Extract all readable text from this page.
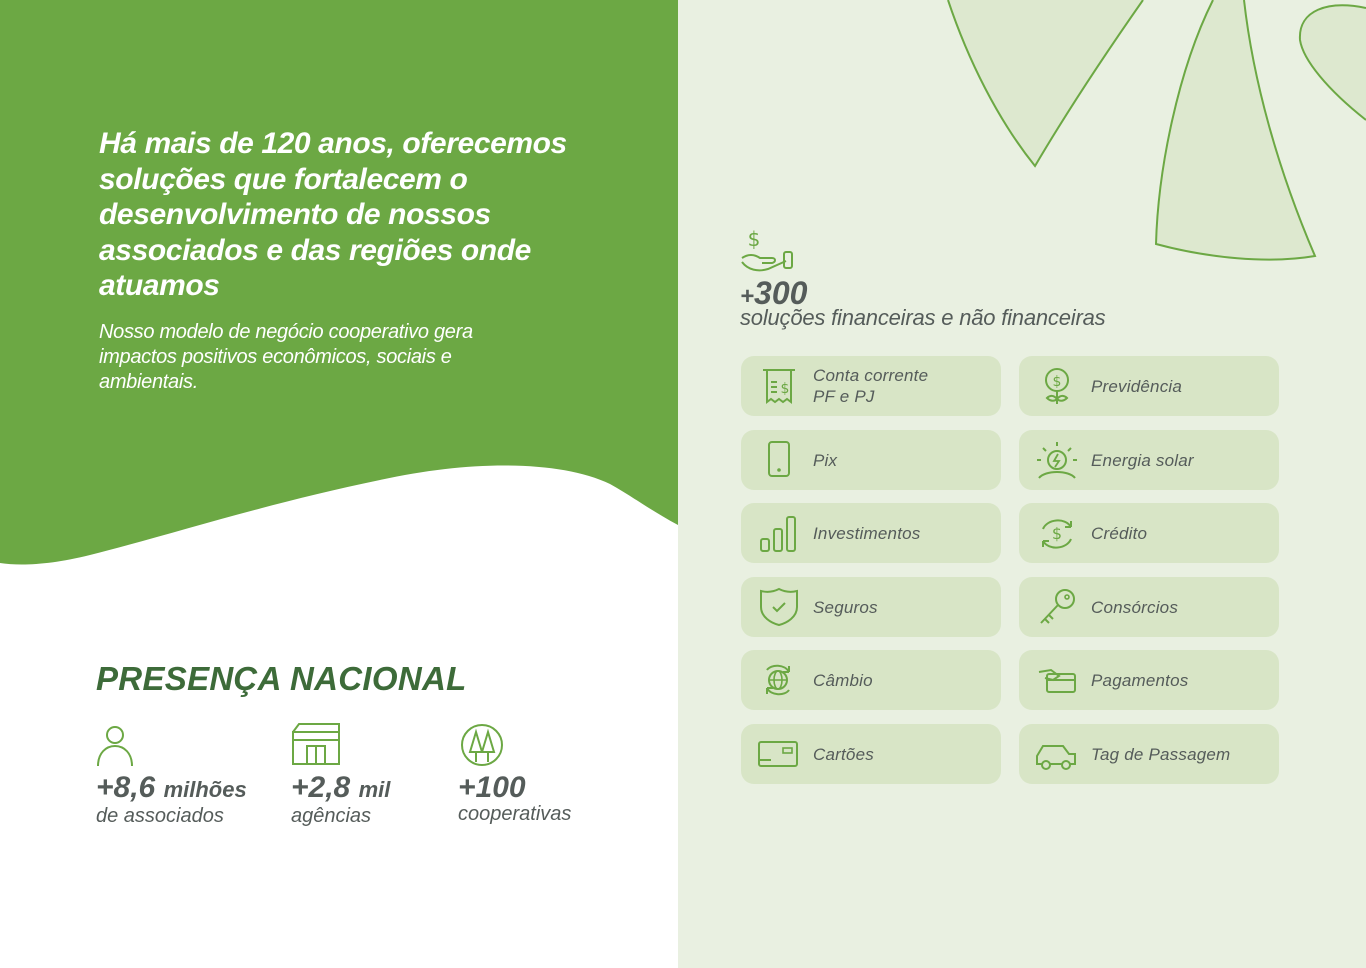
Há mais de 120 anos, oferecemos soluções que fortalecem o desenvolvimento de nossos associados e das regiões onde atuamos

Nosso modelo de negócio cooperativo gera impactos positivos econômicos, sociais e ambientais.

PRESENÇA NACIONAL
+8,6 milhões
de associados
+2,8 mil
agências
+100
cooperativas
$
+300
soluções financeiras e não financeiras
$
Conta corrente
PF e PJ
Pix
Investimentos
Seguros
Câmbio
Cartões
$ Previdência
Energia solar
$ Crédito
Consórcios
Pagamentos
Tag de Passagem
